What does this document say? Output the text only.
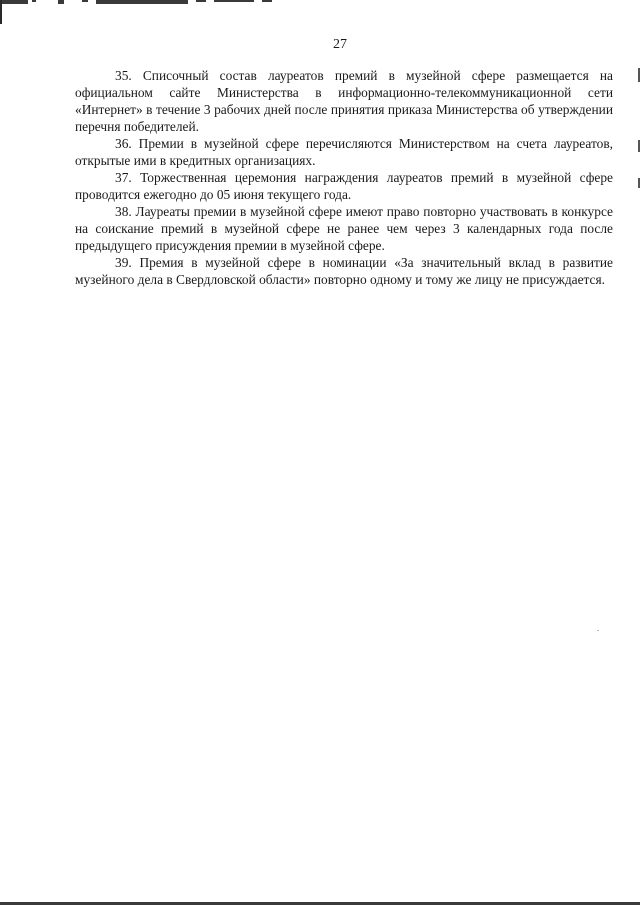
27

35. Списочный состав лауреатов премий в музейной сфере размещается на официальном сайте Министерства в информационно-телекоммуникационной сети «Интернет» в течение 3 рабочих дней после принятия приказа Министерства об утверждении перечня победителей.

36. Премии в музейной сфере перечисляются Министерством на счета лауреатов, открытые ими в кредитных организациях.

37. Торжественная церемония награждения лауреатов премий в музейной сфере проводится ежегодно до 05 июня текущего года.

38. Лауреаты премии в музейной сфере имеют право повторно участвовать в конкурсе на соискание премий в музейной сфере не ранее чем через 3 календарных года после предыдущего присуждения премии в музейной сфере.

39. Премия в музейной сфере в номинации «За значительный вклад в развитие музейного дела в Свердловской области» повторно одному и тому же лицу не присуждается.
